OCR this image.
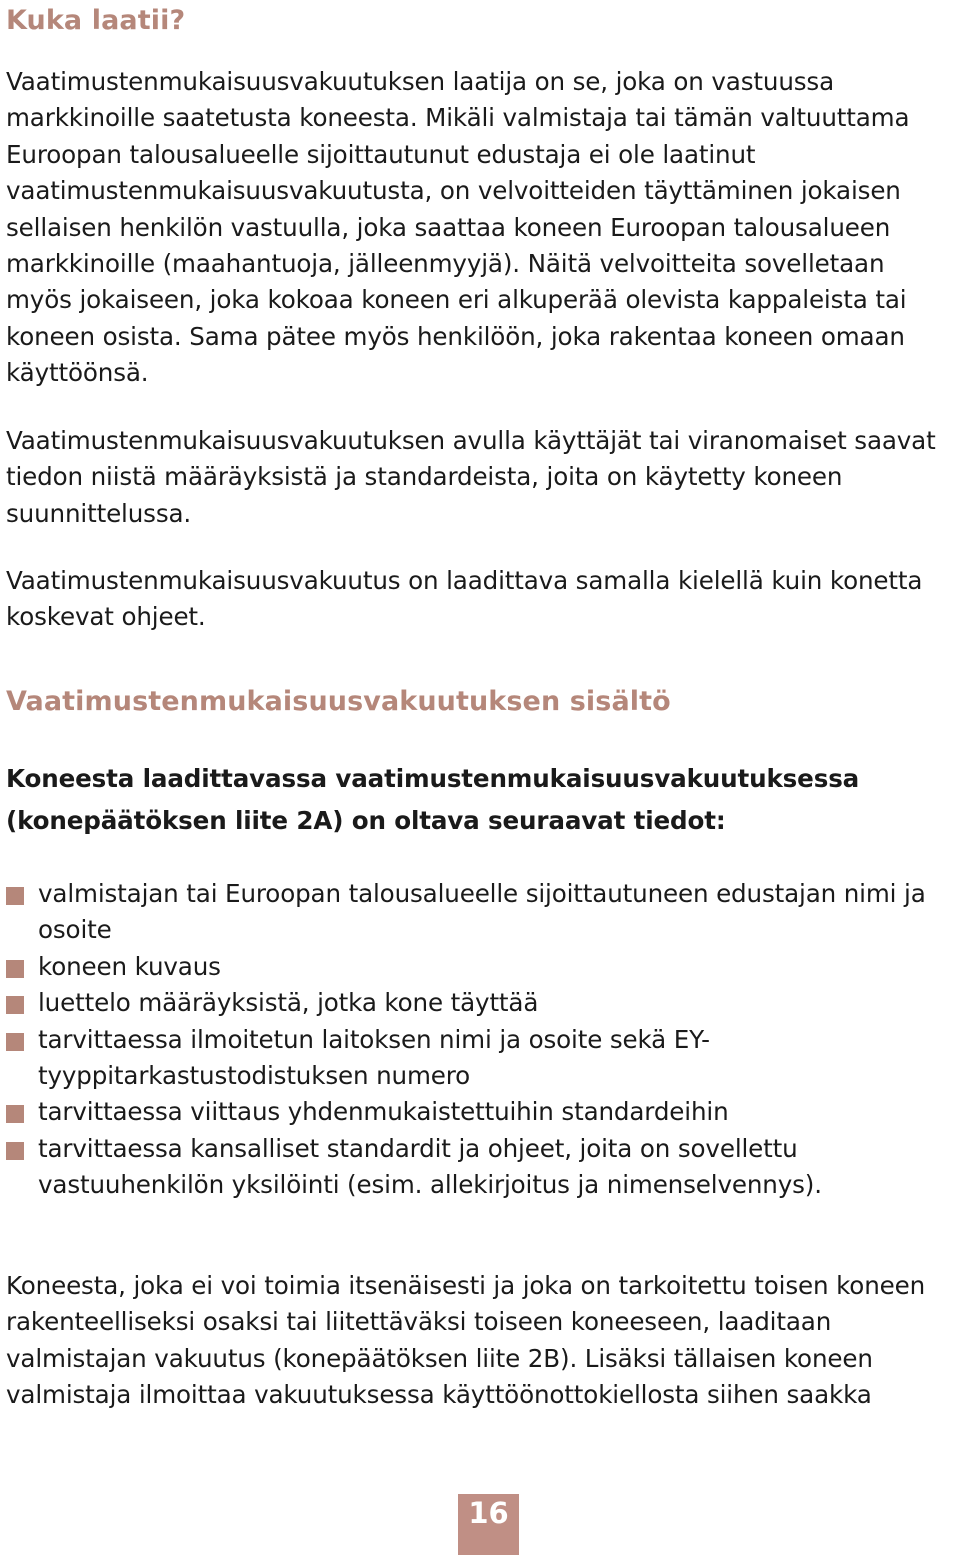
Kuka laatii?

Vaatimustenmukaisuusvakuutuksen laatija on se, joka on vastuussa markkinoille saatetusta koneesta. Mikäli valmistaja tai tämän valtuuttama Euroopan talousalueelle sijoittautunut edustaja ei ole laatinut vaatimustenmukaisuusvakuutusta, on velvoitteiden täyttäminen jokaisen sellaisen henkilön vastuulla, joka saattaa koneen Euroopan talousalueen markkinoille (maahantuoja, jälleenmyyjä). Näitä velvoitteita sovelletaan myös jokaiseen, joka kokoaa koneen eri alkuperää olevista kappaleista tai koneen osista. Sama pätee myös henkilöön, joka rakentaa koneen omaan käyttöönsä.

Vaatimustenmukaisuusvakuutuksen avulla käyttäjät tai viranomaiset saavat tiedon niistä määräyksistä ja standardeista, joita on käytetty koneen suunnittelussa.

Vaatimustenmukaisuusvakuutus on laadittava samalla kielellä kuin konetta koskevat ohjeet.

Vaatimustenmukaisuusvakuutuksen sisältö

Koneesta laadittavassa vaatimustenmukaisuusvakuutuksessa (konepäätöksen liite 2A) on oltava seuraavat tiedot:

valmistajan tai Euroopan talousalueelle sijoittautuneen edustajan nimi ja osoite
koneen kuvaus
luettelo määräyksistä, jotka kone täyttää
tarvittaessa ilmoitetun laitoksen nimi ja osoite sekä EY-tyyppitarkastustodistuksen numero
tarvittaessa viittaus yhdenmukaistettuihin standardeihin
tarvittaessa kansalliset standardit ja ohjeet, joita on sovellettu vastuuhenkilön yksilöinti (esim. allekirjoitus ja nimenselvennys).

Koneesta, joka ei voi toimia itsenäisesti ja joka on tarkoitettu toisen koneen rakenteelliseksi osaksi tai liitettäväksi toiseen koneeseen, laaditaan valmistajan vakuutus (konepäätöksen liite 2B). Lisäksi tällaisen koneen valmistaja ilmoittaa vakuutuksessa käyttöönottokiellosta siihen saakka

16
